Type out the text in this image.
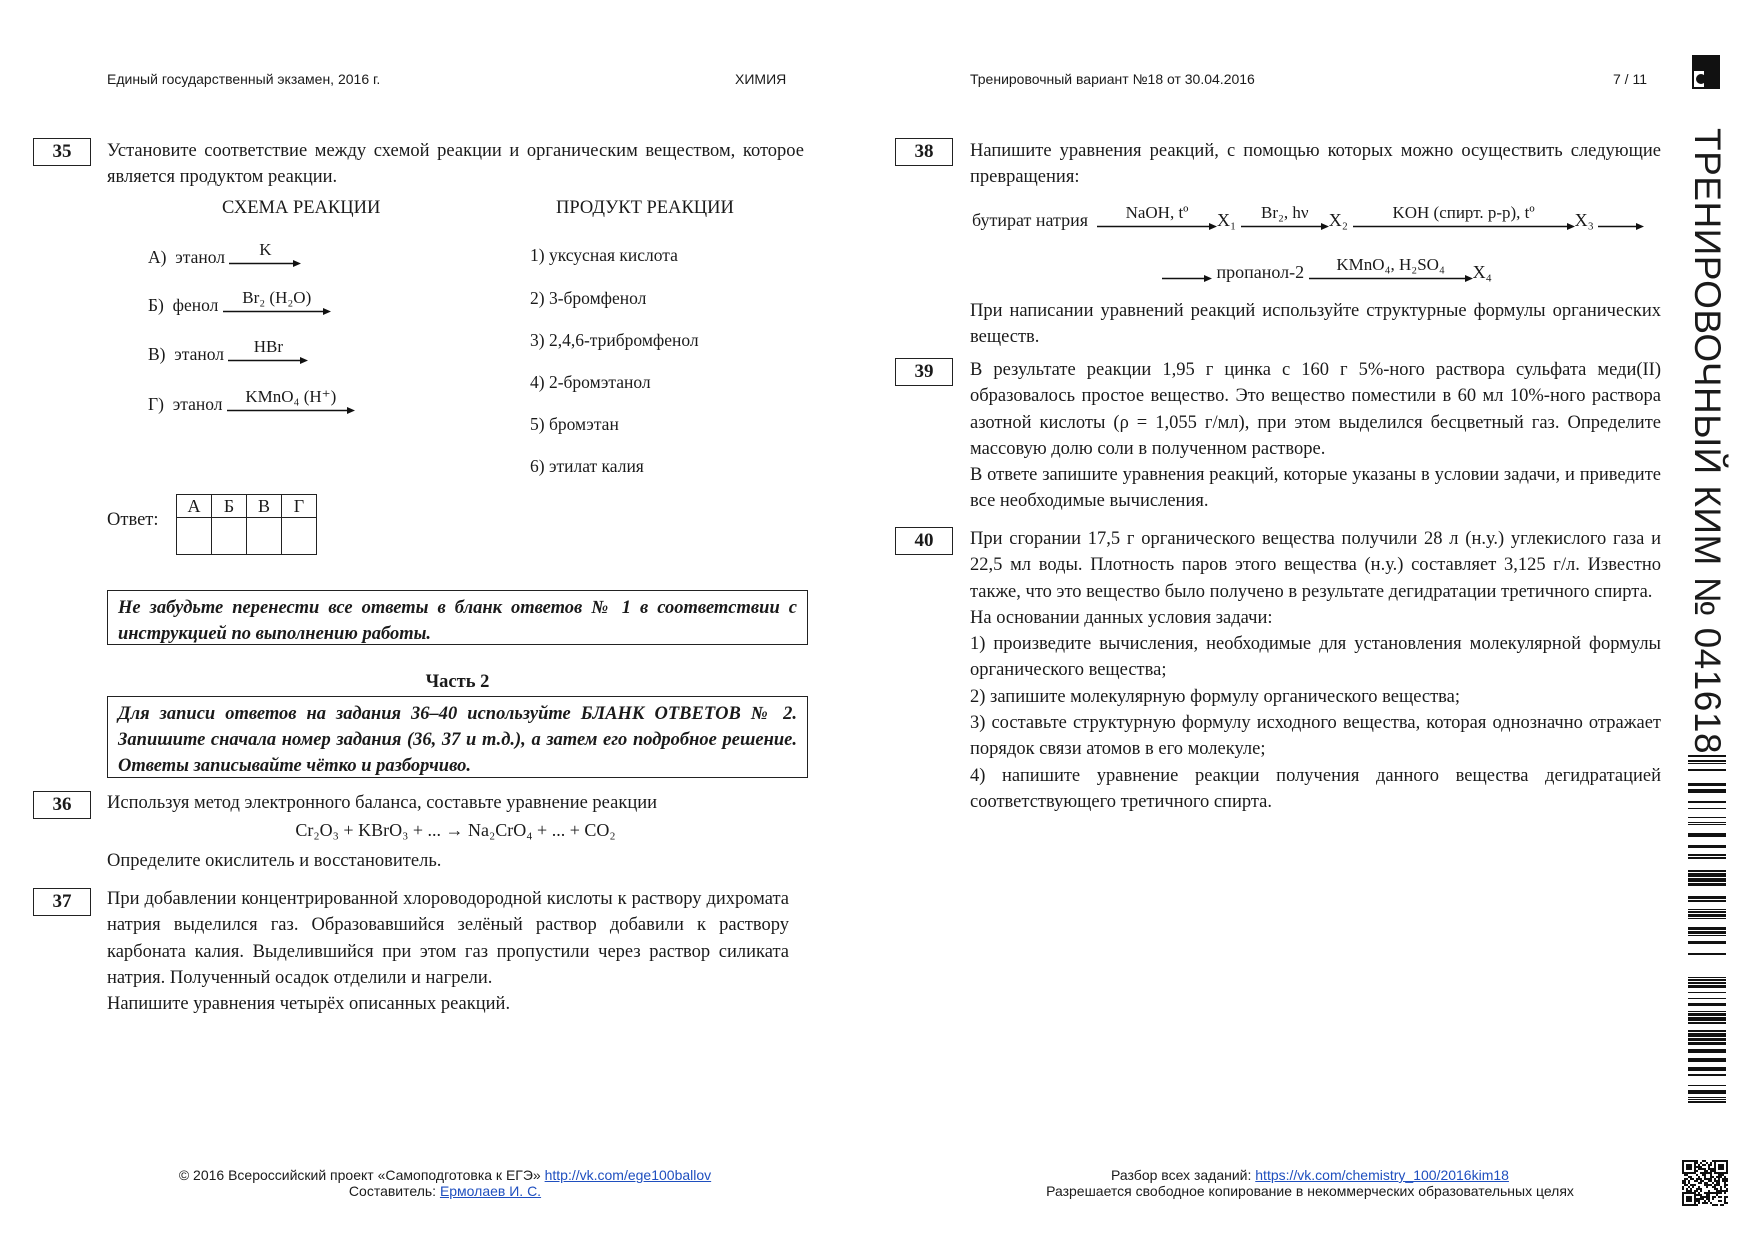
Единый государственный экзамен, 2016 г.	ХИМИЯ	Тренировочный вариант №18 от 30.04.2016	7 / 11
ТРЕНИРОВОЧНЫЙ КИМ № 041618
35	Установите соответствие между схемой реакции и органическим веществом, которое является продуктом реакции.
СХЕМА РЕАКЦИИ	ПРОДУКТ РЕАКЦИИ
А) этанол	K
Б) фенол	Br₂ (H₂O)
В) этанол	HBr
Г) этанол	KMnO₄ (H⁺)
1) уксусная кислота
2) 3-бромфенол
3) 2,4,6-трибромфенол
4) 2-бромэтанол
5) бромэтан
6) этилат калия
Ответ:
А	Б	В	Г

Не забудьте перенести все ответы в бланк ответов № 1 в соответствии с инструкцией по выполнению работы.
Часть 2
Для записи ответов на задания 36–40 используйте БЛАНК ОТВЕТОВ № 2. Запишите сначала номер задания (36, 37 и т.д.), а затем его подробное решение. Ответы записывайте чётко и разборчиво.
36	Используя метод электронного баланса, составьте уравнение реакции
Cr₂O₃ + KBrO₃ + ... → Na₂CrO₄ + ... + CO₂
Определите окислитель и восстановитель.
37	При добавлении концентрированной хлороводородной кислоты к раствору дихромата натрия выделился газ. Образовавшийся зелёный раствор добавили к раствору карбоната калия. Выделившийся при этом газ пропустили через раствор силиката натрия. Полученный осадок отделили и нагрели.

Напишите уравнения четырёх описанных реакций.

38	Напишите уравнения реакций, с помощью которых можно осуществить следующие превращения:
бутират натрия	NaOH, tº	X₁	Br₂, hν	X₂	KOH (спирт. р-р), tº	X₃

пропанол-2	KMnO₄, H₂SO₄	X₄
При написании уравнений реакций используйте структурные формулы органических веществ.
39	В результате реакции 1,95 г цинка с 160 г 5%-ного раствора сульфата меди(II) образовалось простое вещество. Это вещество поместили в 60 мл 10%-ного раствора азотной кислоты (ρ = 1,055 г/мл), при этом выделился бесцветный газ. Определите массовую долю соли в полученном растворе.

В ответе запишите уравнения реакций, которые указаны в условии задачи, и приведите все необходимые вычисления.

40	При сгорании 17,5 г органического вещества получили 28 л (н.у.) углекислого газа и 22,5 мл воды. Плотность паров этого вещества (н.у.) составляет 3,125 г/л. Известно также, что это вещество было получено в результате дегидратации третичного спирта.

На основании данных условия задачи:

1) произведите вычисления, необходимые для установления молекулярной формулы органического вещества;

2) запишите молекулярную формулу органического вещества;

3) составьте структурную формулу исходного вещества, которая однозначно отражает порядок связи атомов в его молекуле;

4) напишите уравнение реакции получения данного вещества дегидратацией соответствующего третичного спирта.

© 2016 Всероссийский проект «Самоподготовка к ЕГЭ» http://vk.com/ege100ballov
Составитель: Ермолаев И. С.
Разбор всех заданий: https://vk.com/chemistry_100/2016kim18
Разрешается свободное копирование в некоммерческих образовательных целях
